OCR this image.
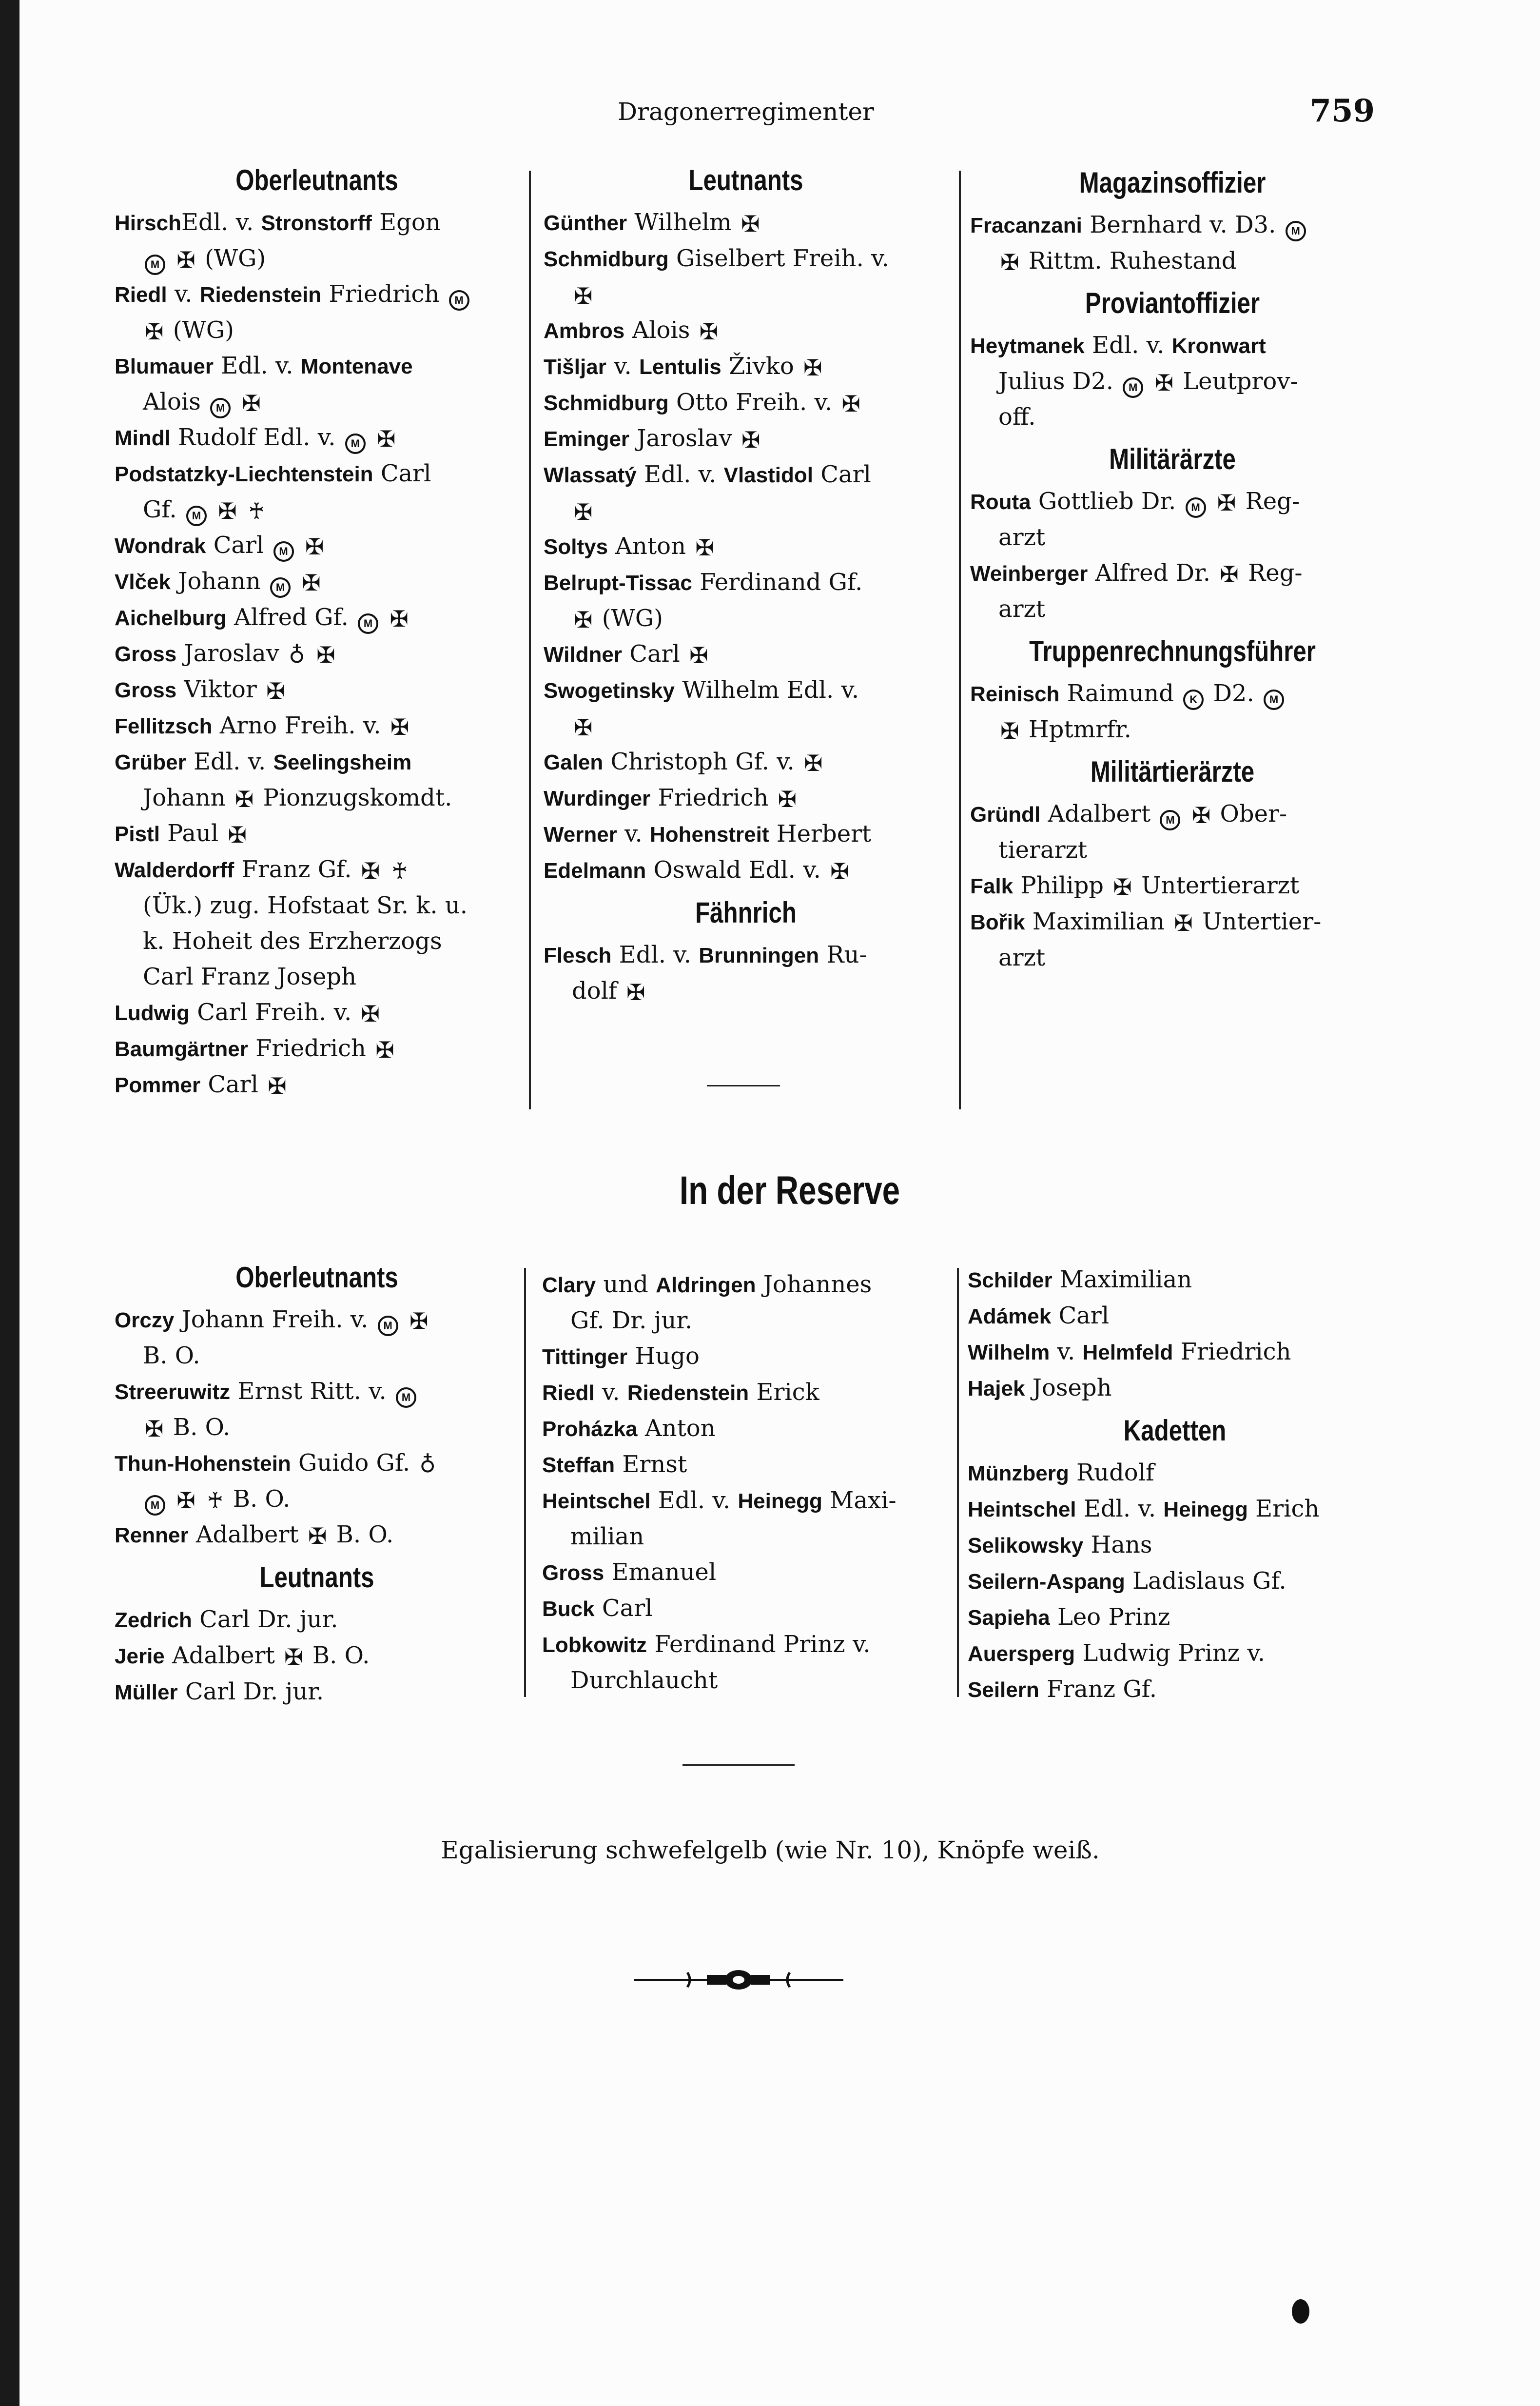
Dragonerregimenter	759
Oberleutnants
HirschEdl. v. Stronstorff Egon
M ✠ (WG)
Riedl v. Riedenstein Friedrich M
✠ (WG)
Blumauer Edl. v. Montenave
Alois M ✠
Mindl Rudolf Edl. v. M ✠
Podstatzky-Liechtenstein Carl
Gf. M ✠ ♰
Wondrak Carl M ✠
Vlček Johann M ✠
Aichelburg Alfred Gf. M ✠
Gross Jaroslav ♁ ✠
Gross Viktor ✠
Fellitzsch Arno Freih. v. ✠
Grüber Edl. v. Seelingsheim
Johann ✠ Pionzugskomdt.
Pistl Paul ✠
Walderdorff Franz Gf. ✠ ♰
(Ük.) zug. Hofstaat Sr. k. u.
k. Hoheit des Erzherzogs
Carl Franz Joseph
Ludwig Carl Freih. v. ✠
Baumgärtner Friedrich ✠
Pommer Carl ✠
Leutnants
Günther Wilhelm ✠
Schmidburg Giselbert Freih. v.
✠
Ambros Alois ✠
Tišljar v. Lentulis Živko ✠
Schmidburg Otto Freih. v. ✠
Eminger Jaroslav ✠
Wlassatý Edl. v. Vlastidol Carl
✠
Soltys Anton ✠
Belrupt-Tissac Ferdinand Gf.
✠ (WG)
Wildner Carl ✠
Swogetinsky Wilhelm Edl. v.
✠
Galen Christoph Gf. v. ✠
Wurdinger Friedrich ✠
Werner v. Hohenstreit Herbert
Edelmann Oswald Edl. v. ✠
Fähnrich
Flesch Edl. v. Brunningen Ru-
dolf ✠
Magazinsoffizier
Fracanzani Bernhard v. D3. M
✠ Rittm. Ruhestand
Proviantoffizier
Heytmanek Edl. v. Kronwart
Julius D2. M ✠ Leutprov-
off.
Militärärzte
Routa Gottlieb Dr. M ✠ Reg-
arzt
Weinberger Alfred Dr. ✠ Reg-
arzt
Truppenrechnungsführer
Reinisch Raimund K D2. M
✠ Hptmrfr.
Militärtierärzte
Gründl Adalbert M ✠ Ober-
tierarzt
Falk Philipp ✠ Untertierarzt
Bořik Maximilian ✠ Untertier-
arzt
In der Reserve
Oberleutnants
Orczy Johann Freih. v. M ✠
B. O.
Streeruwitz Ernst Ritt. v. M
✠ B. O.
Thun-Hohenstein Guido Gf. ♁
M ✠ ♰ B. O.
Renner Adalbert ✠ B. O.
Leutnants
Zedrich Carl Dr. jur.
Jerie Adalbert ✠ B. O.
Müller Carl Dr. jur.
Clary und Aldringen Johannes
Gf. Dr. jur.
Tittinger Hugo
Riedl v. Riedenstein Erick
Proházka Anton
Steffan Ernst
Heintschel Edl. v. Heinegg Maxi-
milian
Gross Emanuel
Buck Carl
Lobkowitz Ferdinand Prinz v.
Durchlaucht
Schilder Maximilian
Adámek Carl
Wilhelm v. Helmfeld Friedrich
Hajek Joseph
Kadetten
Münzberg Rudolf
Heintschel Edl. v. Heinegg Erich
Selikowsky Hans
Seilern-Aspang Ladislaus Gf.
Sapieha Leo Prinz
Auersperg Ludwig Prinz v.
Seilern Franz Gf.
Egalisierung schwefelgelb (wie Nr. 10), Knöpfe weiß.
